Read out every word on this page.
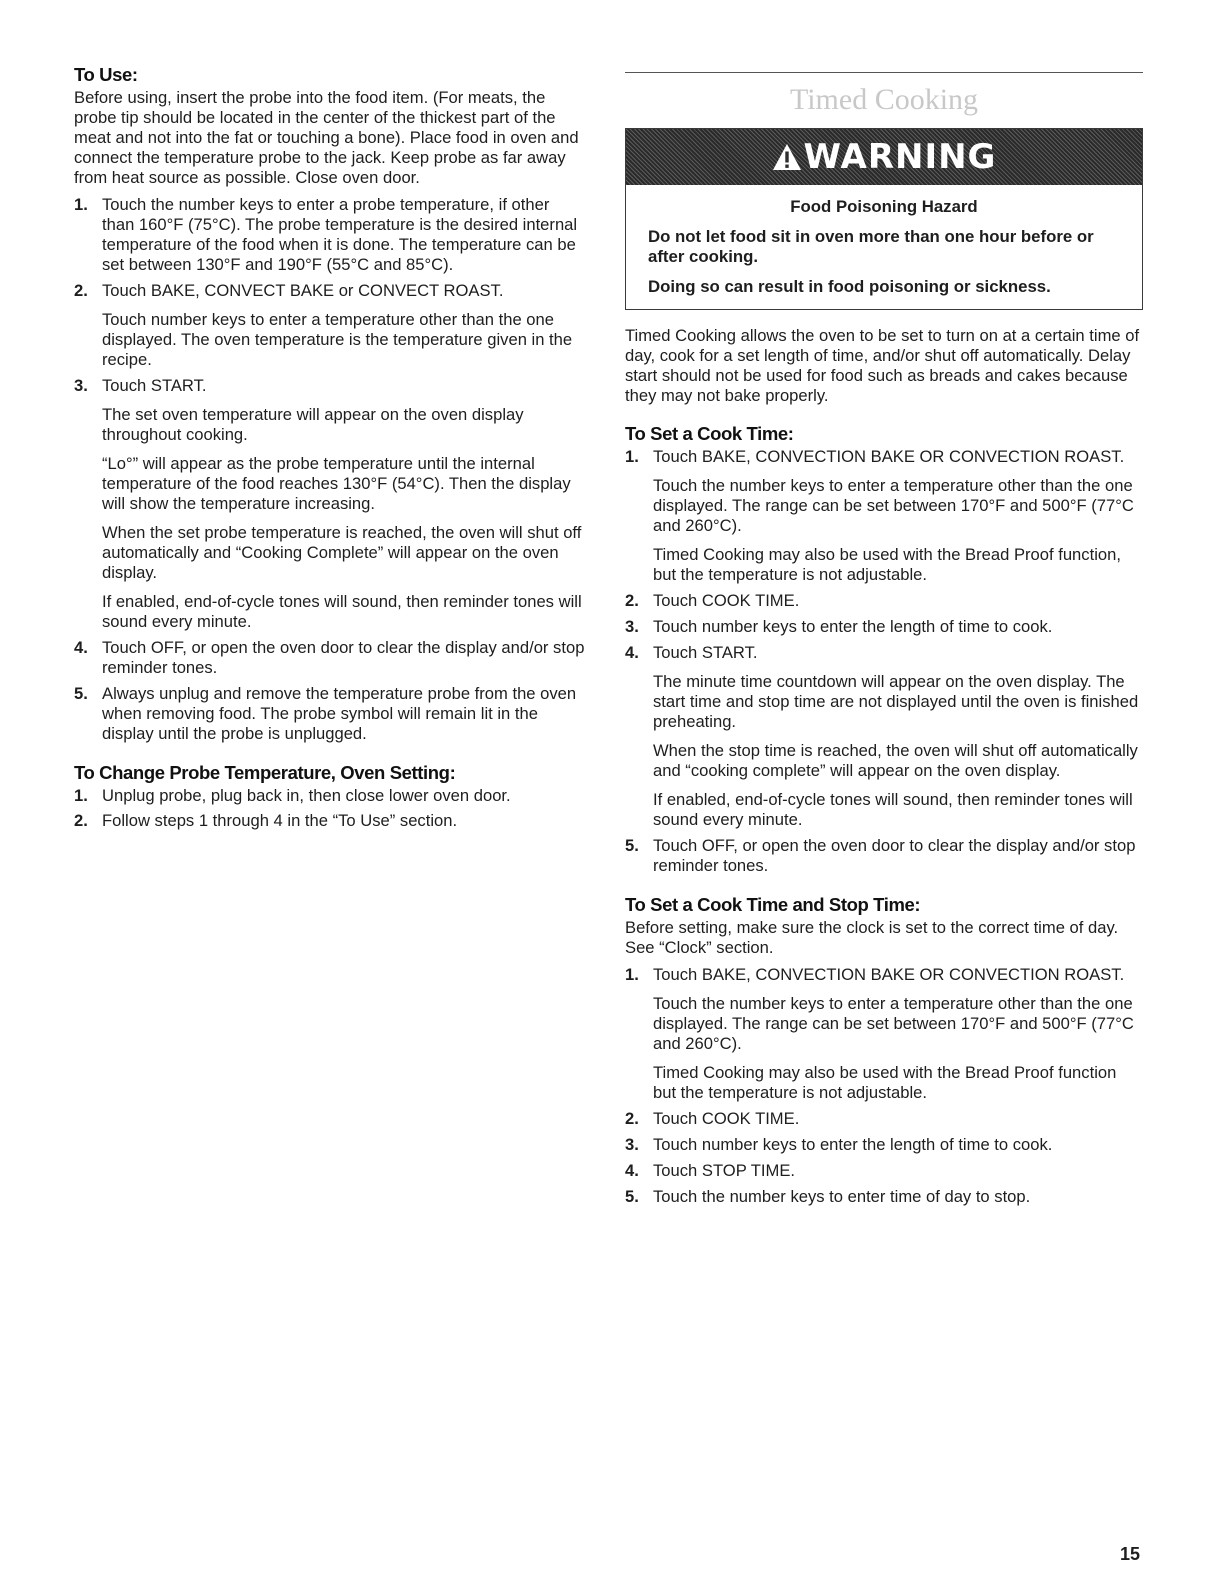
To Use:

Before using, insert the probe into the food item. (For meats, the probe tip should be located in the center of the thickest part of the meat and not into the fat or touching a bone). Place food in oven and connect the temperature probe to the jack. Keep probe as far away from heat source as possible. Close oven door.

1. Touch the number keys to enter a probe temperature, if other than 160°F (75°C). The probe temperature is the desired internal temperature of the food when it is done. The temperature can be set between 130°F and 190°F (55°C and 85°C).
2. Touch BAKE, CONVECT BAKE or CONVECT ROAST.
Touch number keys to enter a temperature other than the one displayed. The oven temperature is the temperature given in the recipe.
3. Touch START.
The set oven temperature will appear on the oven display throughout cooking.
“Lo°” will appear as the probe temperature until the internal temperature of the food reaches 130°F (54°C). Then the display will show the temperature increasing.
When the set probe temperature is reached, the oven will shut off automatically and “Cooking Complete” will appear on the oven display.
If enabled, end-of-cycle tones will sound, then reminder tones will sound every minute.
4. Touch OFF, or open the oven door to clear the display and/or stop reminder tones.
5. Always unplug and remove the temperature probe from the oven when removing food. The probe symbol will remain lit in the display until the probe is unplugged.
To Change Probe Temperature, Oven Setting:
1. Unplug probe, plug back in, then close lower oven door.
2. Follow steps 1 through 4 in the “To Use” section.
Timed Cooking
WARNING
Food Poisoning Hazard
Do not let food sit in oven more than one hour before or after cooking.
Doing so can result in food poisoning or sickness.

Timed Cooking allows the oven to be set to turn on at a certain time of day, cook for a set length of time, and/or shut off automatically. Delay start should not be used for food such as breads and cakes because they may not bake properly.

To Set a Cook Time:
1. Touch BAKE, CONVECTION BAKE OR CONVECTION ROAST.
Touch the number keys to enter a temperature other than the one displayed. The range can be set between 170°F and 500°F (77°C and 260°C).
Timed Cooking may also be used with the Bread Proof function, but the temperature is not adjustable.
2. Touch COOK TIME.
3. Touch number keys to enter the length of time to cook.
4. Touch START.
The minute time countdown will appear on the oven display. The start time and stop time are not displayed until the oven is finished preheating.
When the stop time is reached, the oven will shut off automatically and “cooking complete” will appear on the oven display.
If enabled, end-of-cycle tones will sound, then reminder tones will sound every minute.
5. Touch OFF, or open the oven door to clear the display and/or stop reminder tones.
To Set a Cook Time and Stop Time:

Before setting, make sure the clock is set to the correct time of day. See “Clock” section.

1. Touch BAKE, CONVECTION BAKE OR CONVECTION ROAST.
Touch the number keys to enter a temperature other than the one displayed. The range can be set between 170°F and 500°F (77°C and 260°C).
Timed Cooking may also be used with the Bread Proof function but the temperature is not adjustable.
2. Touch COOK TIME.
3. Touch number keys to enter the length of time to cook.
4. Touch STOP TIME.
5. Touch the number keys to enter time of day to stop.
15
